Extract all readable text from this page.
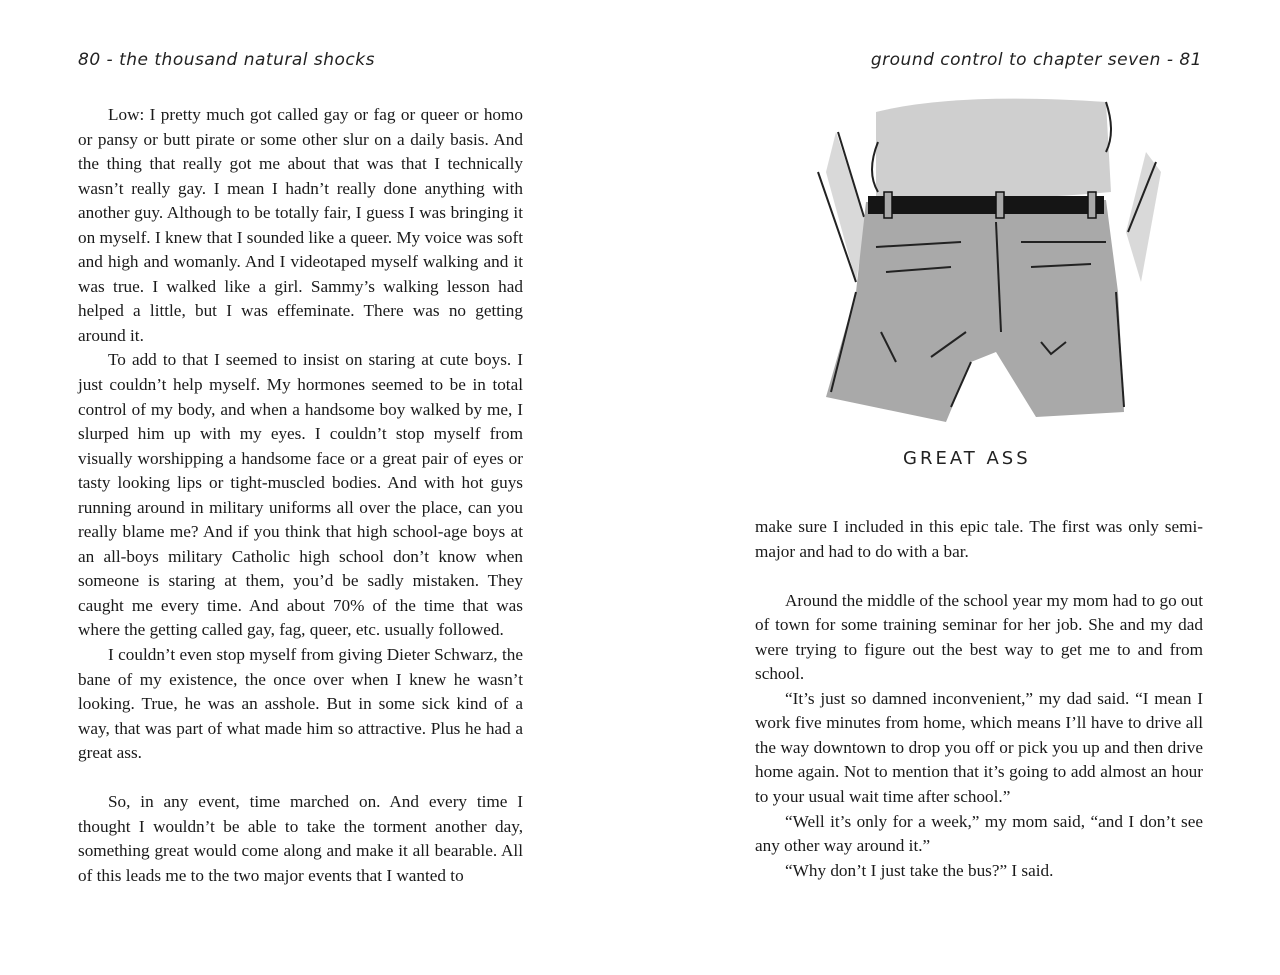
80 - the thousand natural shocks	ground control to chapter seven - 81

Low: I pretty much got called gay or fag or queer or homo or pansy or butt pirate or some other slur on a daily basis. And the thing that really got me about that was that I technically wasn’t really gay. I mean I hadn’t really done anything with another guy. Although to be totally fair, I guess I was bringing it on myself. I knew that I sounded like a queer. My voice was soft and high and womanly. And I videotaped myself walking and it was true. I walked like a girl. Sammy’s walking lesson had helped a little, but I was effeminate. There was no getting around it.

To add to that I seemed to insist on staring at cute boys. I just couldn’t help myself. My hormones seemed to be in total control of my body, and when a handsome boy walked by me, I slurped him up with my eyes. I couldn’t stop myself from visually worshipping a handsome face or a great pair of eyes or tasty looking lips or tight-muscled bodies. And with hot guys running around in military uniforms all over the place, can you really blame me? And if you think that high school-age boys at an all-boys military Catholic high school don’t know when someone is staring at them, you’d be sadly mistaken. They caught me every time. And about 70% of the time that was where the getting called gay, fag, queer, etc. usually followed.

I couldn’t even stop myself from giving Dieter Schwarz, the bane of my existence, the once over when I knew he wasn’t looking. True, he was an asshole. But in some sick kind of a way, that was part of what made him so attractive. Plus he had a great ass.

So, in any event, time marched on. And every time I thought I wouldn’t be able to take the torment another day, something great would come along and make it all bearable. All of this leads me to the two major events that I wanted to

GREAT ASS

make sure I included in this epic tale. The first was only semi-major and had to do with a bar.

Around the middle of the school year my mom had to go out of town for some training seminar for her job. She and my dad were trying to figure out the best way to get me to and from school.

“It’s just so damned inconvenient,” my dad said. “I mean I work five minutes from home, which means I’ll have to drive all the way downtown to drop you off or pick you up and then drive home again. Not to mention that it’s going to add almost an hour to your usual wait time after school.”

“Well it’s only for a week,” my mom said, “and I don’t see any other way around it.”

“Why don’t I just take the bus?” I said.
